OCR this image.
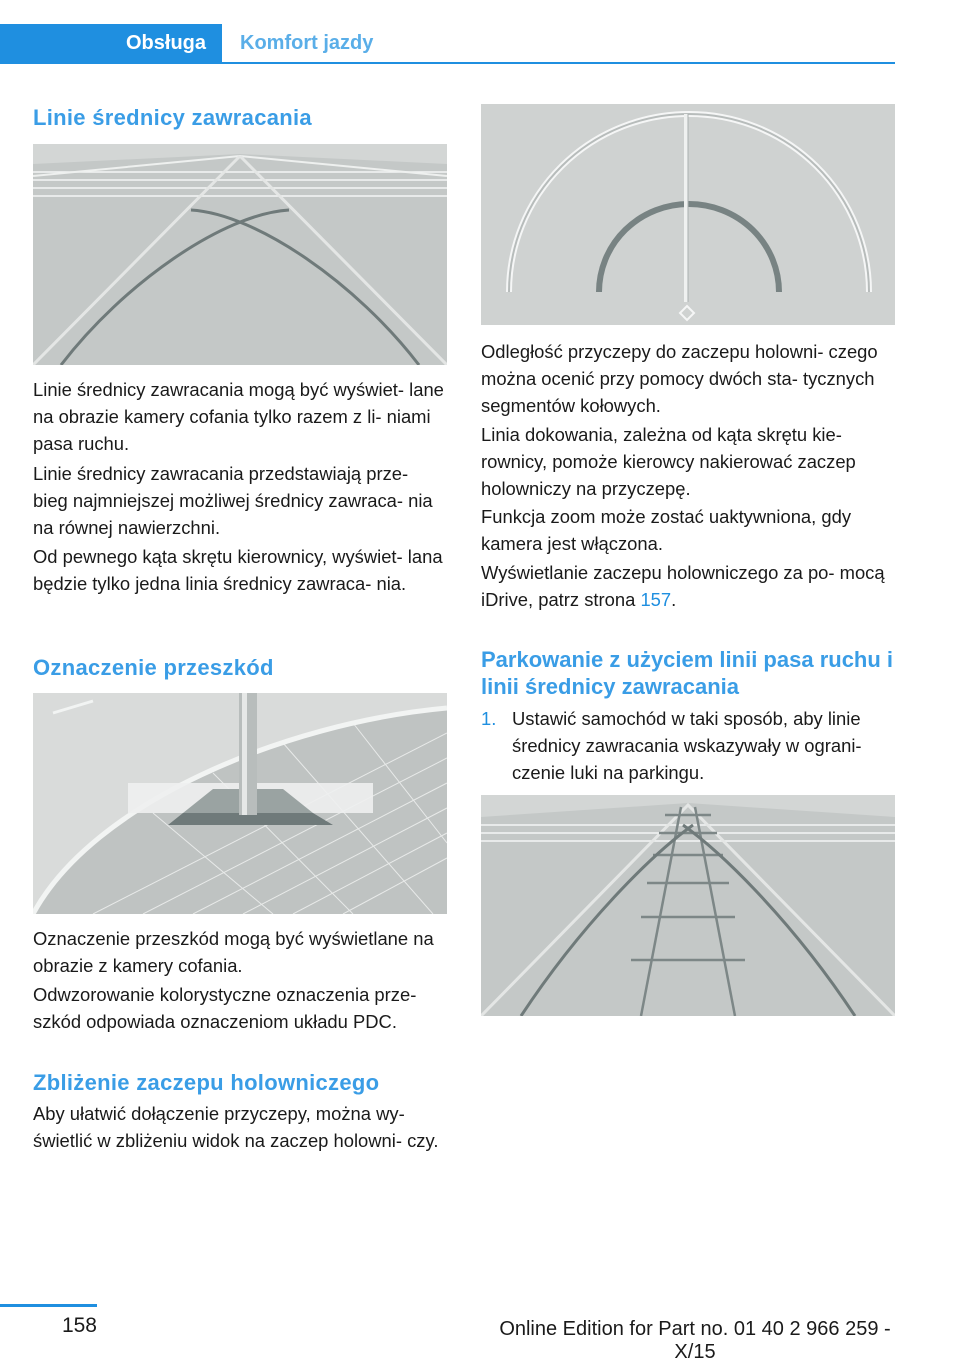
Obsługa Komfort jazdy
Linie średnicy zawracania

Linie średnicy zawracania mogą być wyświet‐ lane na obrazie kamery cofania tylko razem z li‐ niami pasa ruchu.

Linie średnicy zawracania przedstawiają prze‐ bieg najmniejszej możliwej średnicy zawraca‐ nia na równej nawierzchni.

Od pewnego kąta skrętu kierownicy, wyświet‐ lana będzie tylko jedna linia średnicy zawraca‐ nia.

Oznaczenie przeszkód

Oznaczenie przeszkód mogą być wyświetlane na obrazie z kamery cofania.

Odwzorowanie kolorystyczne oznaczenia prze‐ szkód odpowiada oznaczeniom układu PDC.

Zbliżenie zaczepu holowniczego

Aby ułatwić dołączenie przyczepy, można wy‐ świetlić w zbliżeniu widok na zaczep holowni‐ czy.

Odległość przyczepy do zaczepu holowni‐ czego można ocenić przy pomocy dwóch sta‐ tycznych segmentów kołowych.

Linia dokowania, zależna od kąta skrętu kie‐ rownicy, pomoże kierowcy nakierować zaczep holowniczy na przyczepę.

Funkcja zoom może zostać uaktywniona, gdy kamera jest włączona.

Wyświetlanie zaczepu holowniczego za po‐ mocą iDrive, patrz strona 157.

Parkowanie z użyciem linii pasa ruchu i linii średnicy zawracania
1. Ustawić samochód w taki sposób, aby linie średnicy zawracania wskazywały w ograni‐ czenie luki na parkingu.

158	Online Edition for Part no. 01 40 2 966 259 - X/15
